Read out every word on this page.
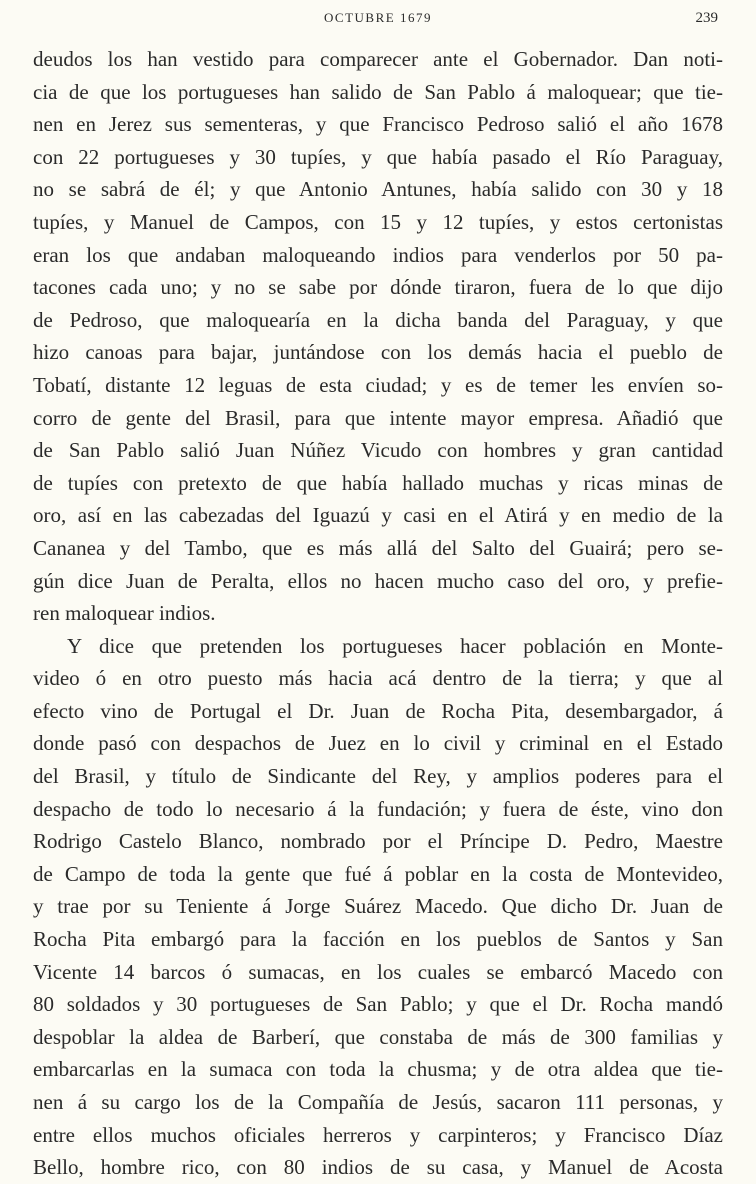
OCTUBRE 1679	239
deudos los han vestido para comparecer ante el Gobernador. Dan noti-
cia de que los portugueses han salido de San Pablo á maloquear; que tie-
nen en Jerez sus sementeras, y que Francisco Pedroso salió el año 1678
con 22 portugueses y 30 tupíes, y que había pasado el Río Paraguay,
no se sabrá de él; y que Antonio Antunes, había salido con 30 y 18
tupíes, y Manuel de Campos, con 15 y 12 tupíes, y estos certonistas
eran los que andaban maloqueando indios para venderlos por 50 pa-
tacones cada uno; y no se sabe por dónde tiraron, fuera de lo que dijo
de Pedroso, que maloquearía en la dicha banda del Paraguay, y que
hizo canoas para bajar, juntándose con los demás hacia el pueblo de
Tobatí, distante 12 leguas de esta ciudad; y es de temer les envíen so-
corro de gente del Brasil, para que intente mayor empresa. Añadió que
de San Pablo salió Juan Núñez Vicudo con hombres y gran cantidad
de tupíes con pretexto de que había hallado muchas y ricas minas de
oro, así en las cabezadas del Iguazú y casi en el Atirá y en medio de la
Cananea y del Tambo, que es más allá del Salto del Guairá; pero se-
gún dice Juan de Peralta, ellos no hacen mucho caso del oro, y prefie-
ren maloquear indios.
Y dice que pretenden los portugueses hacer población en Monte-
video ó en otro puesto más hacia acá dentro de la tierra; y que al
efecto vino de Portugal el Dr. Juan de Rocha Pita, desembargador, á
donde pasó con despachos de Juez en lo civil y criminal en el Estado
del Brasil, y título de Sindicante del Rey, y amplios poderes para el
despacho de todo lo necesario á la fundación; y fuera de éste, vino don
Rodrigo Castelo Blanco, nombrado por el Príncipe D. Pedro, Maestre
de Campo de toda la gente que fué á poblar en la costa de Montevideo,
y trae por su Teniente á Jorge Suárez Macedo. Que dicho Dr. Juan de
Rocha Pita embargó para la facción en los pueblos de Santos y San
Vicente 14 barcos ó sumacas, en los cuales se embarcó Macedo con
80 soldados y 30 portugueses de San Pablo; y que el Dr. Rocha mandó
despoblar la aldea de Barberí, que constaba de más de 300 familias y
embarcarlas en la sumaca con toda la chusma; y de otra aldea que tie-
nen á su cargo los de la Compañía de Jesús, sacaron 111 personas, y
entre ellos muchos oficiales herreros y carpinteros; y Francisco Díaz
Bello, hombre rico, con 80 indios de su casa, y Manuel de Acosta
